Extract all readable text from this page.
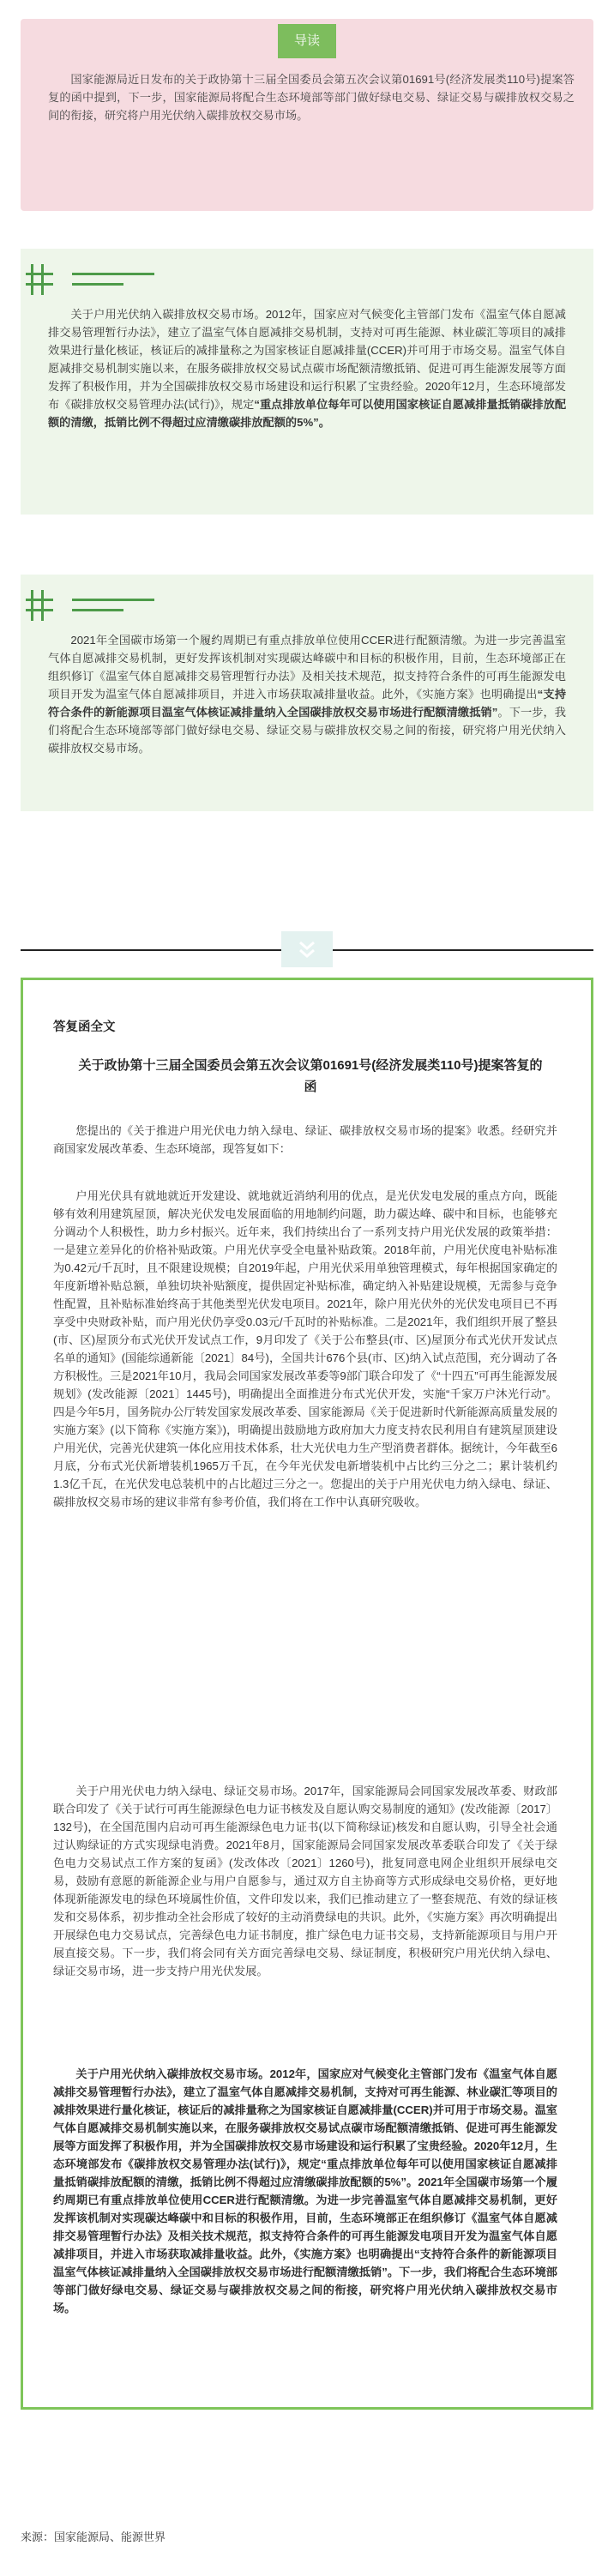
导读

国家能源局近日发布的关于政协第十三届全国委员会第五次会议第01691号(经济发展类110号)提案答复的函中提到，下一步，国家能源局将配合生态环境部等部门做好绿电交易、绿证交易与碳排放权交易之间的衔接，研究将户用光伏纳入碳排放权交易市场。

关于户用光伏纳入碳排放权交易市场。2012年，国家应对气候变化主管部门发布《温室气体自愿减排交易管理暂行办法》，建立了温室气体自愿减排交易机制，支持对可再生能源、林业碳汇等项目的减排效果进行量化核证，核证后的减排量称之为国家核证自愿减排量(CCER)并可用于市场交易。温室气体自愿减排交易机制实施以来，在服务碳排放权交易试点碳市场配额清缴抵销、促进可再生能源发展等方面发挥了积极作用，并为全国碳排放权交易市场建设和运行积累了宝贵经验。2020年12月，生态环境部发布《碳排放权交易管理办法(试行)》，规定“重点排放单位每年可以使用国家核证自愿减排量抵销碳排放配额的清缴，抵销比例不得超过应清缴碳排放配额的5%”。

2021年全国碳市场第一个履约周期已有重点排放单位使用CCER进行配额清缴。为进一步完善温室气体自愿减排交易机制，更好发挥该机制对实现碳达峰碳中和目标的积极作用，目前，生态环境部正在组织修订《温室气体自愿减排交易管理暂行办法》及相关技术规范，拟支持符合条件的可再生能源发电项目开发为温室气体自愿减排项目，并进入市场获取减排量收益。此外，《实施方案》也明确提出“支持符合条件的新能源项目温室气体核证减排量纳入全国碳排放权交易市场进行配额清缴抵销”。下一步，我们将配合生态环境部等部门做好绿电交易、绿证交易与碳排放权交易之间的衔接，研究将户用光伏纳入碳排放权交易市场。

答复函全文
关于政协第十三届全国委员会第五次会议第01691号(经济发展类110号)提案答复的函

您提出的《关于推进户用光伏电力纳入绿电、绿证、碳排放权交易市场的提案》收悉。经研究并商国家发展改革委、生态环境部，现答复如下：

户用光伏具有就地就近开发建设、就地就近消纳利用的优点，是光伏发电发展的重点方向，既能够有效利用建筑屋顶，解决光伏发电发展面临的用地制约问题，助力碳达峰、碳中和目标，也能够充分调动个人积极性，助力乡村振兴。近年来，我们持续出台了一系列支持户用光伏发展的政策举措：一是建立差异化的价格补贴政策。户用光伏享受全电量补贴政策。2018年前，户用光伏度电补贴标准为0.42元/千瓦时，且不限建设规模；自2019年起，户用光伏采用单独管理模式，每年根据国家确定的年度新增补贴总额，单独切块补贴额度，提供固定补贴标准，确定纳入补贴建设规模，无需参与竞争性配置，且补贴标准始终高于其他类型光伏发电项目。2021年，除户用光伏外的光伏发电项目已不再享受中央财政补贴，而户用光伏仍享受0.03元/千瓦时的补贴标准。二是2021年，我们组织开展了整县(市、区)屋顶分布式光伏开发试点工作，9月印发了《关于公布整县(市、区)屋顶分布式光伏开发试点名单的通知》(国能综通新能〔2021〕84号)，全国共计676个县(市、区)纳入试点范围，充分调动了各方积极性。三是2021年10月，我局会同国家发展改革委等9部门联合印发了《“十四五”可再生能源发展规划》(发改能源〔2021〕1445号)，明确提出全面推进分布式光伏开发，实施“千家万户沐光行动”。四是今年5月，国务院办公厅转发国家发展改革委、国家能源局《关于促进新时代新能源高质量发展的实施方案》(以下简称《实施方案》)，明确提出鼓励地方政府加大力度支持农民利用自有建筑屋顶建设户用光伏，完善光伏建筑一体化应用技术体系，壮大光伏电力生产型消费者群体。据统计，今年截至6月底，分布式光伏新增装机1965万千瓦，在今年光伏发电新增装机中占比约三分之二；累计装机约1.3亿千瓦，在光伏发电总装机中的占比超过三分之一。您提出的关于户用光伏电力纳入绿电、绿证、碳排放权交易市场的建议非常有参考价值，我们将在工作中认真研究吸收。

关于户用光伏电力纳入绿电、绿证交易市场。2017年，国家能源局会同国家发展改革委、财政部联合印发了《关于试行可再生能源绿色电力证书核发及自愿认购交易制度的通知》(发改能源〔2017〕132号)，在全国范围内启动可再生能源绿色电力证书(以下简称绿证)核发和自愿认购，引导全社会通过认购绿证的方式实现绿电消费。2021年8月，国家能源局会同国家发展改革委联合印发了《关于绿色电力交易试点工作方案的复函》(发改体改〔2021〕1260号)，批复同意电网企业组织开展绿电交易，鼓励有意愿的新能源企业与用户自愿参与，通过双方自主协商等方式形成绿电交易价格，更好地体现新能源发电的绿色环境属性价值，文件印发以来，我们已推动建立了一整套规范、有效的绿证核发和交易体系，初步推动全社会形成了较好的主动消费绿电的共识。此外，《实施方案》再次明确提出开展绿色电力交易试点，完善绿色电力证书制度，推广绿色电力证书交易，支持新能源项目与用户开展直接交易。下一步，我们将会同有关方面完善绿电交易、绿证制度，积极研究户用光伏纳入绿电、绿证交易市场，进一步支持户用光伏发展。

关于户用光伏纳入碳排放权交易市场。2012年，国家应对气候变化主管部门发布《温室气体自愿减排交易管理暂行办法》，建立了温室气体自愿减排交易机制，支持对可再生能源、林业碳汇等项目的减排效果进行量化核证，核证后的减排量称之为国家核证自愿减排量(CCER)并可用于市场交易。温室气体自愿减排交易机制实施以来，在服务碳排放权交易试点碳市场配额清缴抵销、促进可再生能源发展等方面发挥了积极作用，并为全国碳排放权交易市场建设和运行积累了宝贵经验。2020年12月，生态环境部发布《碳排放权交易管理办法(试行)》，规定“重点排放单位每年可以使用国家核证自愿减排量抵销碳排放配额的清缴，抵销比例不得超过应清缴碳排放配额的5%”。2021年全国碳市场第一个履约周期已有重点排放单位使用CCER进行配额清缴。为进一步完善温室气体自愿减排交易机制，更好发挥该机制对实现碳达峰碳中和目标的积极作用，目前，生态环境部正在组织修订《温室气体自愿减排交易管理暂行办法》及相关技术规范，拟支持符合条件的可再生能源发电项目开发为温室气体自愿减排项目，并进入市场获取减排量收益。此外，《实施方案》也明确提出“支持符合条件的新能源项目温室气体核证减排量纳入全国碳排放权交易市场进行配额清缴抵销”。下一步，我们将配合生态环境部等部门做好绿电交易、绿证交易与碳排放权交易之间的衔接，研究将户用光伏纳入碳排放权交易市场。

来源：国家能源局、能源世界
